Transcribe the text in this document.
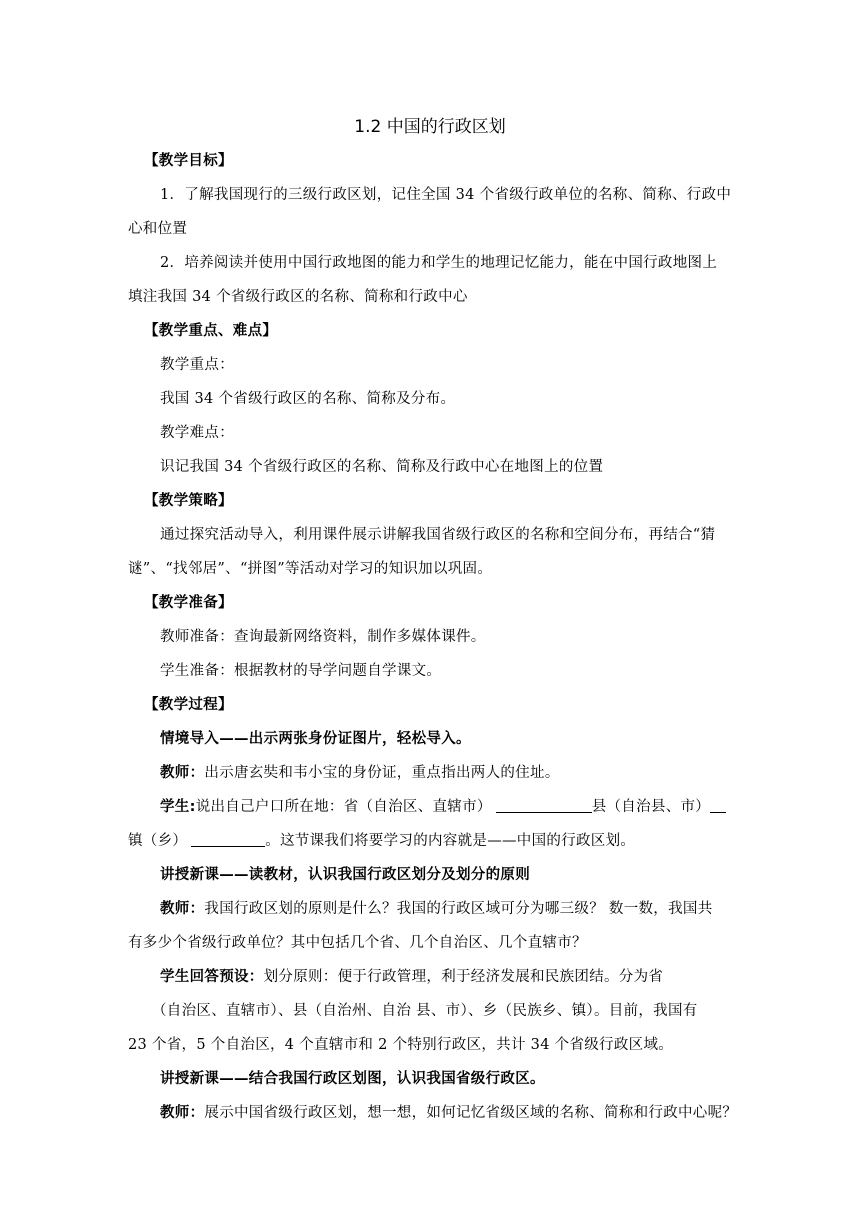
1.2 中国的行政区划
【教学目标】
1．了解我国现行的三级行政区划，记住全国 34 个省级行政单位的名称、简称、行政中
心和位置
2．培养阅读并使用中国行政地图的能力和学生的地理记忆能力，能在中国行政地图上
填注我国 34 个省级行政区的名称、简称和行政中心
【教学重点、难点】
教学重点：
我国 34 个省级行政区的名称、简称及分布。
教学难点：
识记我国 34 个省级行政区的名称、简称及行政中心在地图上的位置
【教学策略】
通过探究活动导入，利用课件展示讲解我国省级行政区的名称和空间分布，再结合“猜
谜”、“找邻居”、“拼图”等活动对学习的知识加以巩固。
【教学准备】
教师准备：查询最新网络资料，制作多媒体课件。
学生准备：根据教材的导学问题自学课文。
【教学过程】
情境导入——出示两张身份证图片，轻松导入。
教师：出示唐玄奘和韦小宝的身份证，重点指出两人的住址。
学生:说出自己户口所在地：省（自治区、直辖市）	县（自治县、市）
镇（乡）	。这节课我们将要学习的内容就是——中国的行政区划。
讲授新课——读教材，认识我国行政区划分及划分的原则
教师：我国行政区划的原则是什么？我国的行政区域可分为哪三级？ 数一数，我国共
有多少个省级行政单位？其中包括几个省、几个自治区、几个直辖市？
学生回答预设：划分原则：便于行政管理，利于经济发展和民族团结。分为省
（自治区、直辖市）、县（自治州、自治 县、市）、乡（民族乡、镇）。目前，我国有
23 个省，5 个自治区，4 个直辖市和 2 个特别行政区，共计 34 个省级行政区域。
讲授新课——结合我国行政区划图，认识我国省级行政区。
教师：展示中国省级行政区划，想一想，如何记忆省级区域的名称、简称和行政中心呢？
